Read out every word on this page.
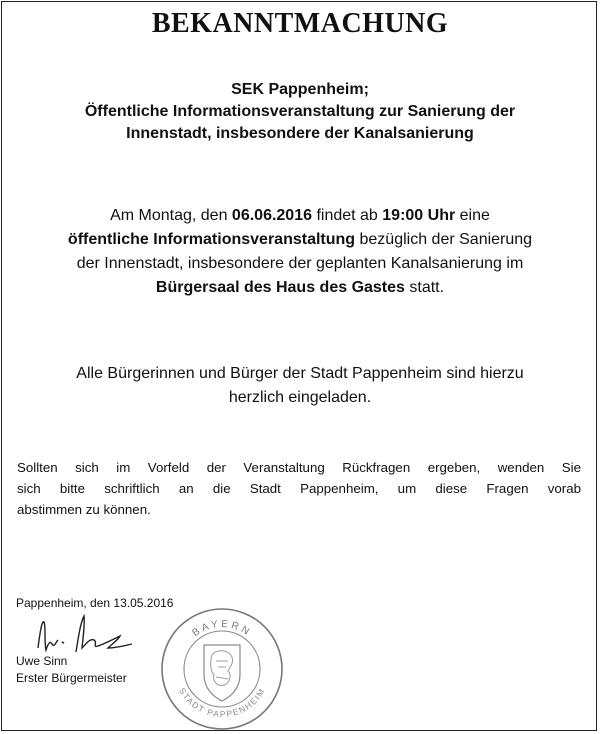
BEKANNTMACHUNG
SEK Pappenheim;
Öffentliche Informationsveranstaltung zur Sanierung der
Innenstadt, insbesondere der Kanalsanierung
Am Montag, den 06.06.2016 findet ab 19:00 Uhr eine
öffentliche Informationsveranstaltung bezüglich der Sanierung
der Innenstadt, insbesondere der geplanten Kanalsanierung im
Bürgersaal des Haus des Gastes statt.
Alle Bürgerinnen und Bürger der Stadt Pappenheim sind hierzu
herzlich eingeladen.
Sollten sich im Vorfeld der Veranstaltung Rückfragen ergeben, wenden Sie
sich bitte schriftlich an die Stadt Pappenheim, um diese Fragen vorab
abstimmen zu können.
Pappenheim, den 13.05.2016
Uwe Sinn
Erster Bürgermeister
BAYERN
STADT PAPPENHEIM
